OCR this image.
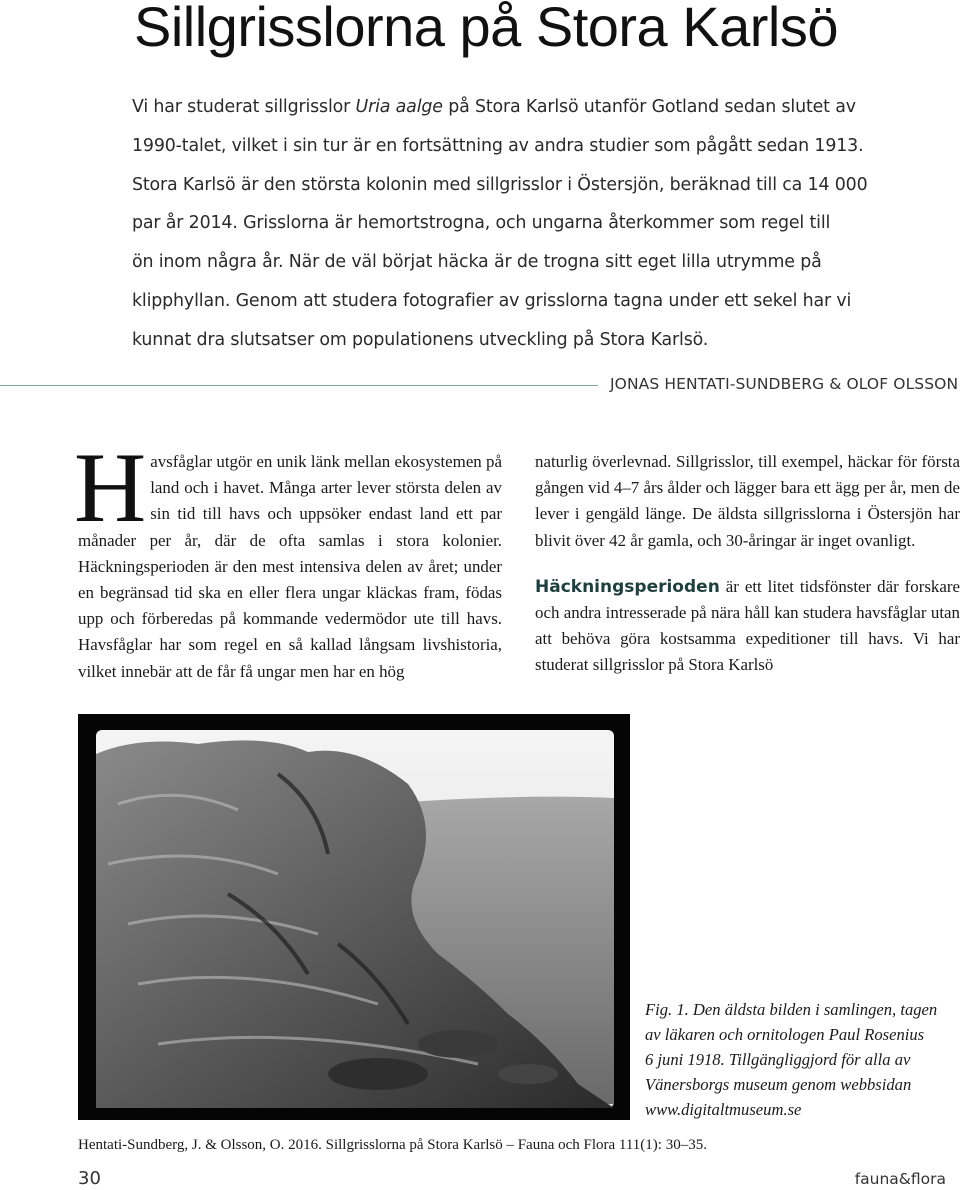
Sillgrisslorna på Stora Karlsö

Vi har studerat sillgrisslor Uria aalge på Stora Karlsö utanför Gotland sedan slutet av

1990-talet, vilket i sin tur är en fortsättning av andra studier som pågått sedan 1913.

Stora Karlsö är den största kolonin med sillgrisslor i Östersjön, beräknad till ca 14 000

par år 2014. Grisslorna är hemortstrogna, och ungarna återkommer som regel till

ön inom några år. När de väl börjat häcka är de trogna sitt eget lilla utrymme på

klipphyllan. Genom att studera fotografier av grisslorna tagna under ett sekel har vi

kunnat dra slutsatser om populationens utveckling på Stora Karlsö.

JONAS HENTATI-SUNDBERG & OLOF OLSSON

Havsfåglar utgör en unik länk mellan ekosystemen på land och i havet. Många arter lever största delen av sin tid till havs och uppsöker endast land ett par månader per år, där de ofta samlas i stora kolonier. Häckningsperioden är den mest intensiva delen av året; under en begränsad tid ska en eller flera ungar kläckas fram, födas upp och förberedas på kommande vedermödor ute till havs. Havsfåglar har som regel en så kallad långsam livshistoria, vilket innebär att de får få ungar men har en hög

naturlig överlevnad. Sillgrisslor, till exempel, häckar för första gången vid 4–7 års ålder och lägger bara ett ägg per år, men de lever i gengäld länge. De äldsta sillgrisslorna i Östersjön har blivit över 42 år gamla, och 30-åringar är inget ovanligt.

Häckningsperioden är ett litet tidsfönster där forskare och andra intresserade på nära håll kan studera havsfåglar utan att behöva göra kostsamma expeditioner till havs. Vi har studerat sillgrisslor på Stora Karlsö

Fig. 1. Den äldsta bilden i samlingen, tagen
av läkaren och ornitologen Paul Rosenius
6 juni 1918. Tillgängliggjord för alla av
Vänersborgs museum genom webbsidan
www.digitaltmuseum.se
Hentati-Sundberg, J. & Olsson, O. 2016. Sillgrisslorna på Stora Karlsö – Fauna och Flora 111(1): 30–35.
30	fauna&flora
